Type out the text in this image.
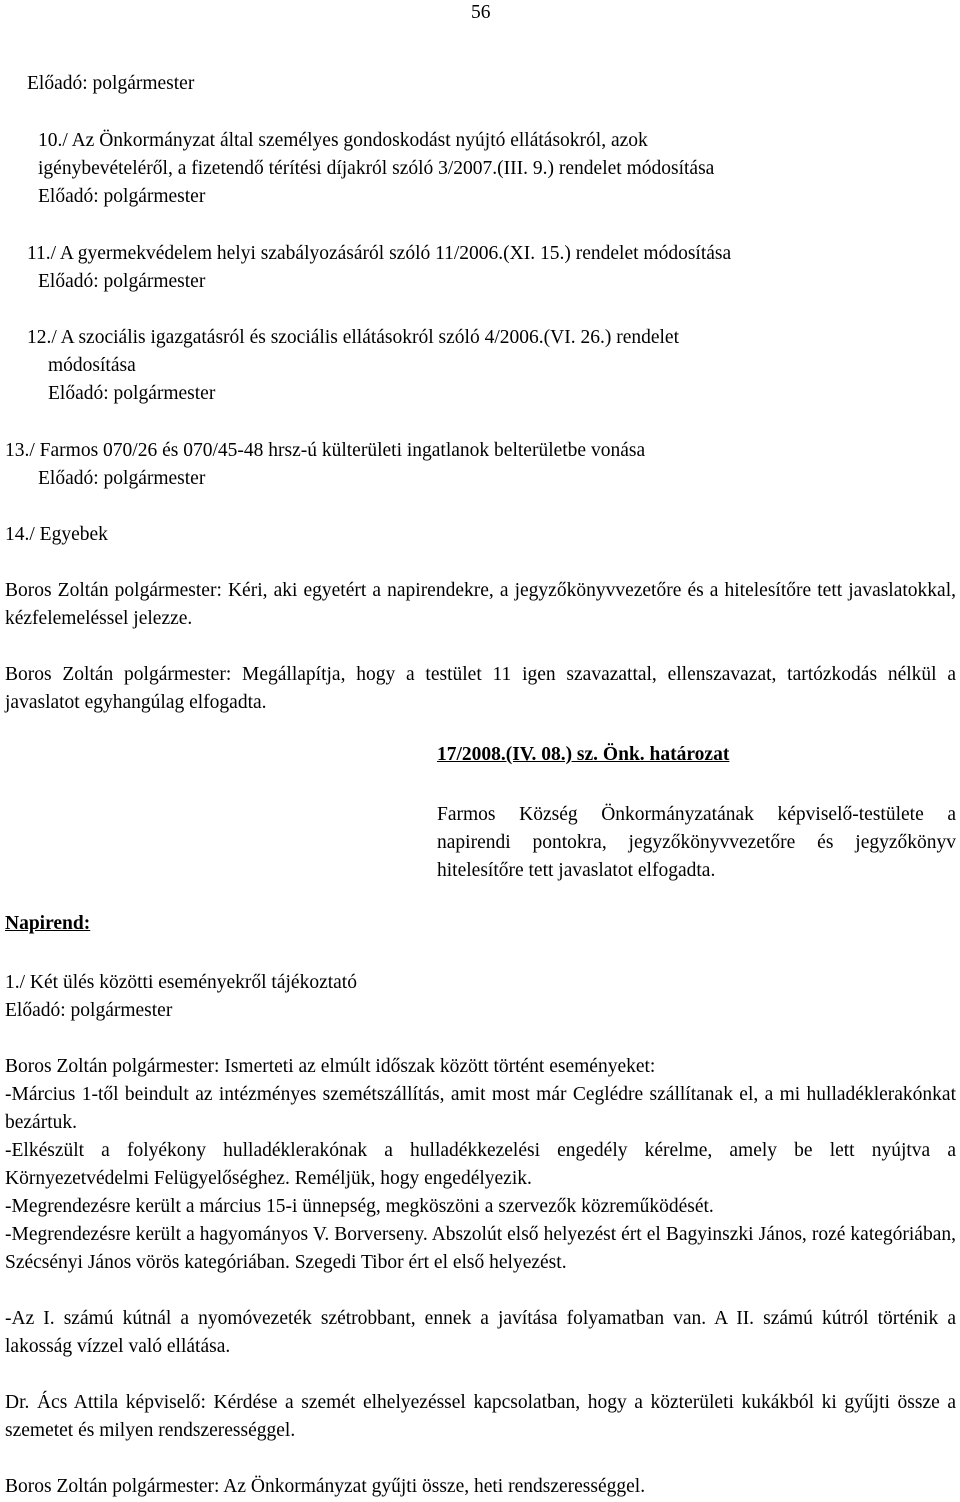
56
Előadó: polgármester
10./ Az Önkormányzat által személyes gondoskodást nyújtó ellátásokról, azok
igénybevételéről, a fizetendő térítési díjakról szóló 3/2007.(III. 9.) rendelet módosítása
Előadó: polgármester
11./ A gyermekvédelem helyi szabályozásáról szóló 11/2006.(XI. 15.) rendelet módosítása
Előadó: polgármester
12./ A szociális igazgatásról és szociális ellátásokról szóló 4/2006.(VI. 26.) rendelet
módosítása
Előadó: polgármester
13./ Farmos 070/26 és 070/45-48 hrsz-ú külterületi ingatlanok belterületbe vonása
Előadó: polgármester
14./ Egyebek
Boros Zoltán polgármester: Kéri, aki egyetért a napirendekre, a jegyzőkönyvvezetőre és a hitelesítőre tett javaslatokkal, kézfelemeléssel jelezze.
Boros Zoltán polgármester: Megállapítja, hogy a testület 11 igen szavazattal, ellenszavazat, tartózkodás nélkül a javaslatot egyhangúlag elfogadta.
17/2008.(IV. 08.) sz. Önk. határozat
Farmos Község Önkormányzatának képviselő-testülete a napirendi pontokra, jegyzőkönyvvezetőre és jegyzőkönyv hitelesítőre tett javaslatot elfogadta.
Napirend:
1./ Két ülés közötti eseményekről tájékoztató
Előadó: polgármester
Boros Zoltán polgármester: Ismerteti az elmúlt időszak között történt eseményeket:
-Március 1-től beindult az intézményes szemétszállítás, amit most már Ceglédre szállítanak el, a mi hulladéklerakónkat bezártuk.
-Elkészült a folyékony hulladéklerakónak a hulladékkezelési engedély kérelme, amely be lett nyújtva a Környezetvédelmi Felügyelőséghez. Reméljük, hogy engedélyezik.
-Megrendezésre került a március 15-i ünnepség, megköszöni a szervezők közreműködését.
-Megrendezésre került a hagyományos V. Borverseny. Abszolút első helyezést ért el Bagyinszki János, rozé kategóriában, Szécsényi János vörös kategóriában. Szegedi Tibor ért el első helyezést.
-Az I. számú kútnál a nyomóvezeték szétrobbant, ennek a javítása folyamatban van. A II. számú kútról történik a lakosság vízzel való ellátása.
Dr. Ács Attila képviselő: Kérdése a szemét elhelyezéssel kapcsolatban, hogy a közterületi kukákból ki gyűjti össze a szemetet és milyen rendszerességgel.
Boros Zoltán polgármester: Az Önkormányzat gyűjti össze, heti rendszerességgel.
